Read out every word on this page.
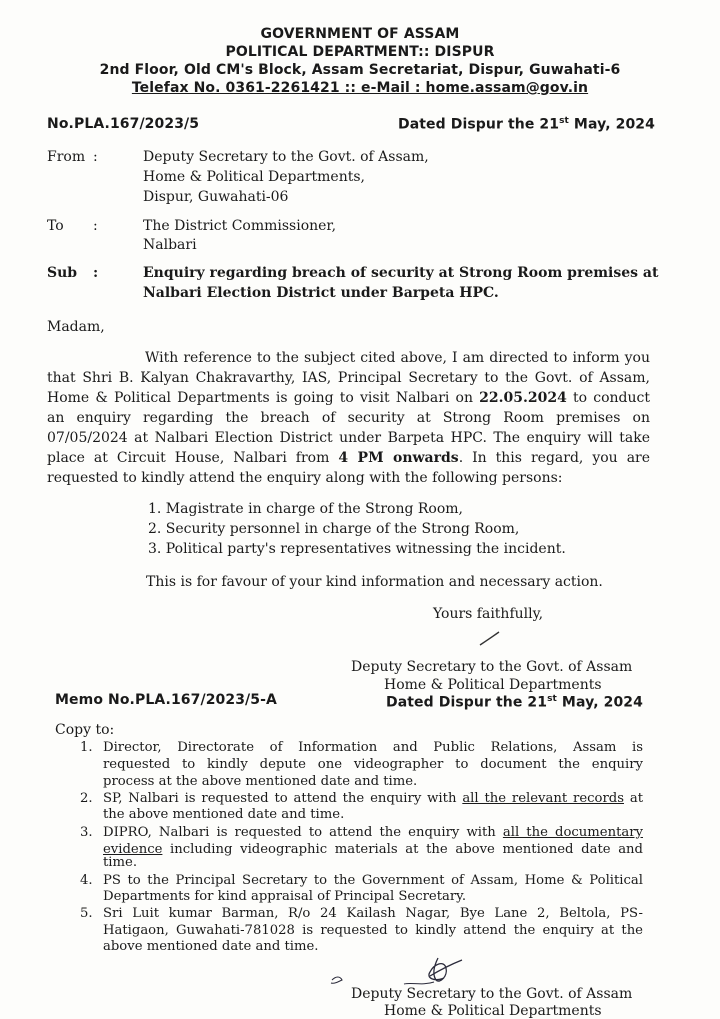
GOVERNMENT OF ASSAM
POLITICAL DEPARTMENT:: DISPUR
2nd Floor, Old CM's Block, Assam Secretariat, Dispur, Guwahati-6
Telefax No. 0361-2261421 :: e-Mail : home.assam@gov.in
No.PLA.167/2023/5	Dated Dispur the 21st May, 2024
From :	Deputy Secretary to the Govt. of Assam,
Home & Political Departments,
Dispur, Guwahati-06
To :	The District Commissioner,
Nalbari
Sub :	Enquiry regarding breach of security at Strong Room premises at
Nalbari Election District under Barpeta HPC.
Madam,
With reference to the subject cited above, I am directed to inform you
that Shri B. Kalyan Chakravarthy, IAS, Principal Secretary to the Govt. of Assam,
Home & Political Departments is going to visit Nalbari on 22.05.2024 to conduct
an enquiry regarding the breach of security at Strong Room premises on
07/05/2024 at Nalbari Election District under Barpeta HPC. The enquiry will take
place at Circuit House, Nalbari from 4 PM onwards. In this regard, you are
requested to kindly attend the enquiry along with the following persons:
1. Magistrate in charge of the Strong Room,
2. Security personnel in charge of the Strong Room,
3. Political party's representatives witnessing the incident.
This is for favour of your kind information and necessary action.
Yours faithfully,
Deputy Secretary to the Govt. of Assam
Home & Political Departments
Memo No.PLA.167/2023/5-A	Dated Dispur the 21st May, 2024
Copy to:
1. Director, Directorate of Information and Public Relations, Assam is
requested to kindly depute one videographer to document the enquiry
process at the above mentioned date and time.
2. SP, Nalbari is requested to attend the enquiry with all the relevant records at
the above mentioned date and time.
3. DIPRO, Nalbari is requested to attend the enquiry with all the documentary
evidence including videographic materials at the above mentioned date and
time.
4. PS to the Principal Secretary to the Government of Assam, Home & Political
Departments for kind appraisal of Principal Secretary.
5. Sri Luit kumar Barman, R/o 24 Kailash Nagar, Bye Lane 2, Beltola, PS-
Hatigaon, Guwahati-781028 is requested to kindly attend the enquiry at the
above mentioned date and time.
Deputy Secretary to the Govt. of Assam
Home & Political Departments
